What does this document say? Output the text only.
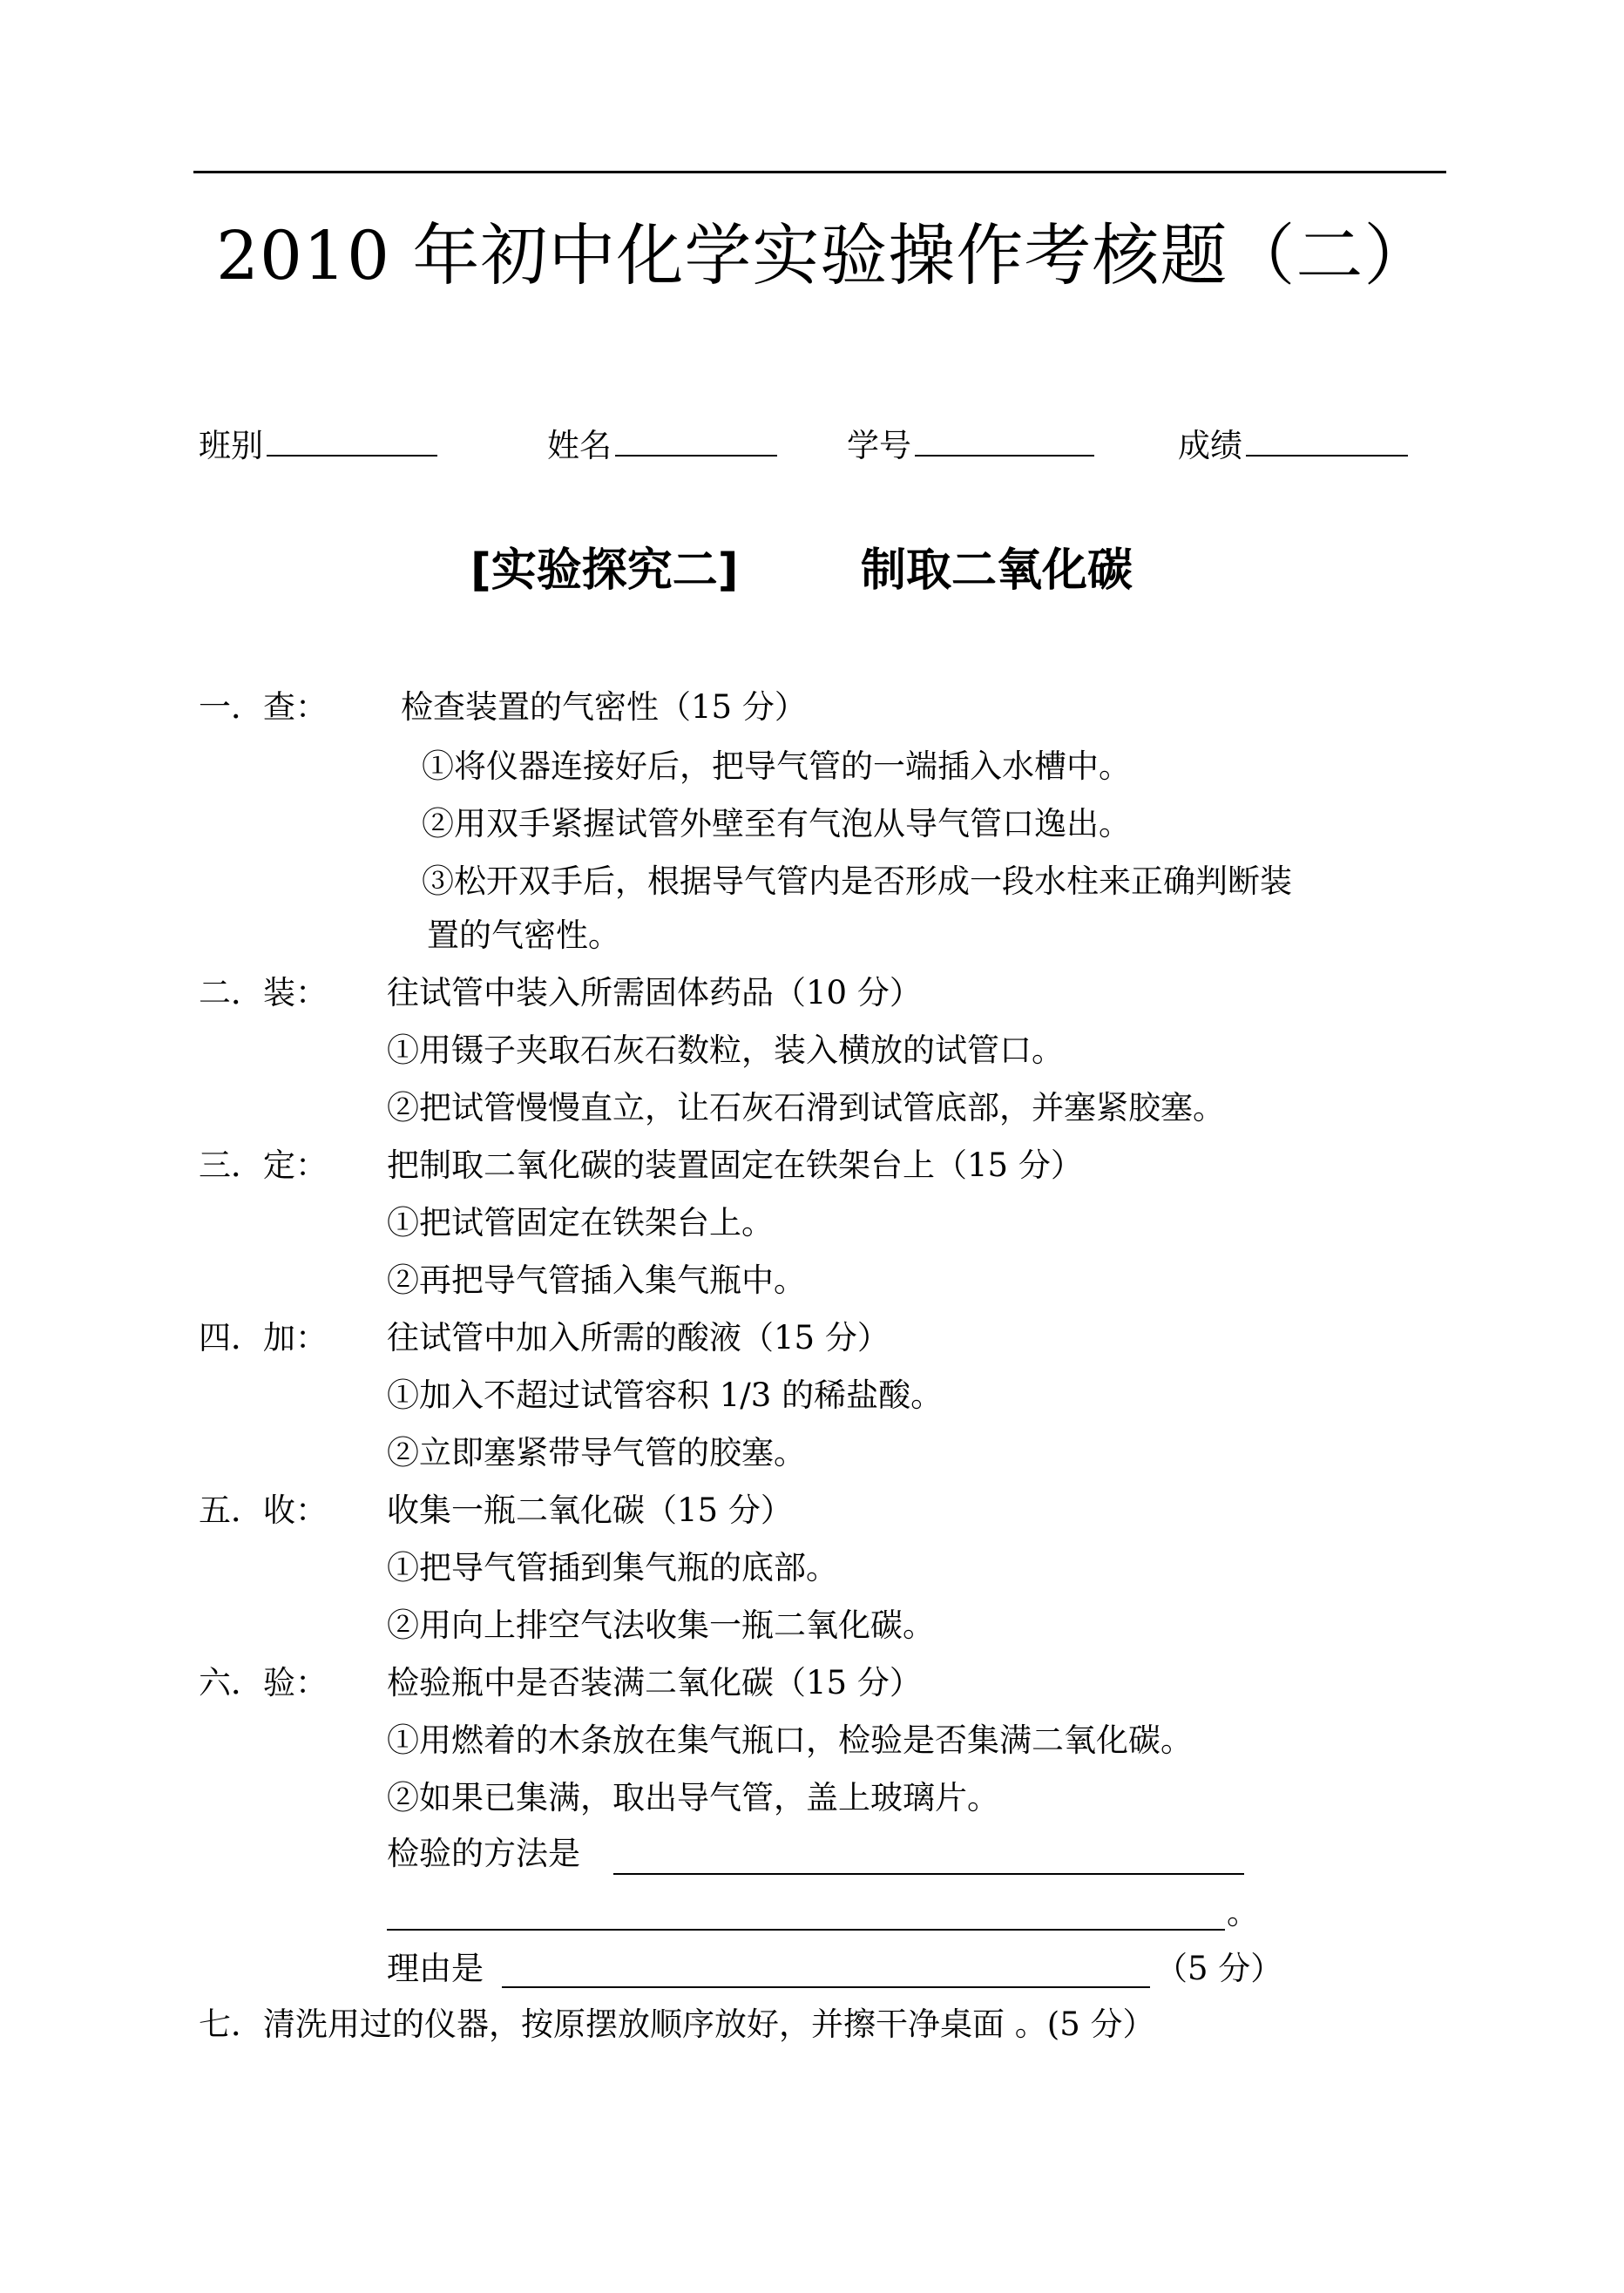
2010 年初中化学实验操作考核题（二）
班别	姓名	学号	成绩
[实验探究二]	制取二氧化碳
一．查： 检查装置的气密性（15 分）
①将仪器连接好后，把导气管的一端插入水槽中。
②用双手紧握试管外壁至有气泡从导气管口逸出。
③松开双手后，根据导气管内是否形成一段水柱来正确判断装
置的气密性。
二．装： 往试管中装入所需固体药品（10 分）
①用镊子夹取石灰石数粒，装入横放的试管口。
②把试管慢慢直立，让石灰石滑到试管底部，并塞紧胶塞。
三．定： 把制取二氧化碳的装置固定在铁架台上（15 分）
①把试管固定在铁架台上。
②再把导气管插入集气瓶中。
四．加： 往试管中加入所需的酸液（15 分）
①加入不超过试管容积 1/3 的稀盐酸。
②立即塞紧带导气管的胶塞。
五．收： 收集一瓶二氧化碳（15 分）
①把导气管插到集气瓶的底部。
②用向上排空气法收集一瓶二氧化碳。
六．验： 检验瓶中是否装满二氧化碳（15 分）
①用燃着的木条放在集气瓶口，检验是否集满二氧化碳。
②如果已集满，取出导气管，盖上玻璃片。
检验的方法是
。
理由是	（5 分）
七．清洗用过的仪器，按原摆放顺序放好，并擦干净桌面 。(5 分）
